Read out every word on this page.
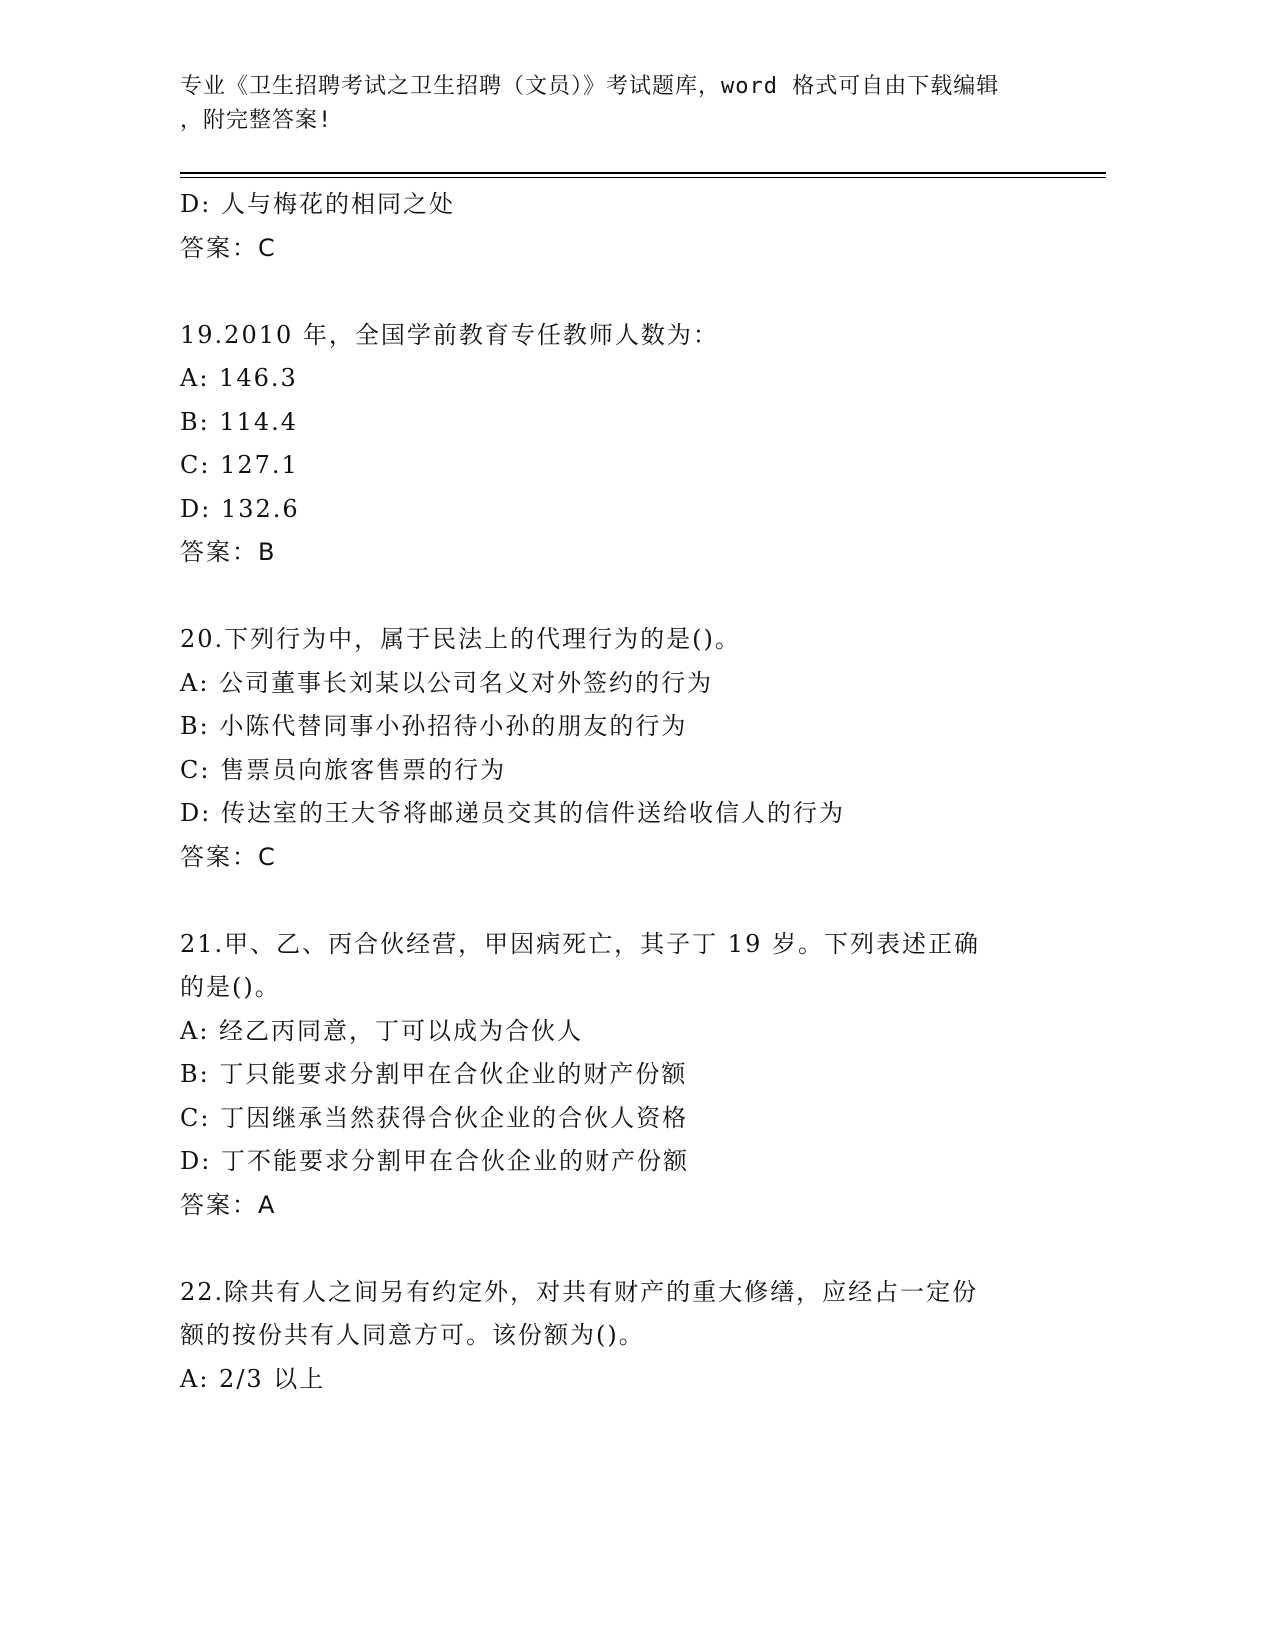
专业《卫生招聘考试之卫生招聘（文员）》考试题库，word 格式可自由下载编辑
，附完整答案!
D: 人与梅花的相同之处
答案：C
19.2010 年，全国学前教育专任教师人数为：
A: 146.3
B: 114.4
C: 127.1
D: 132.6
答案：B
20.下列行为中，属于民法上的代理行为的是()。
A: 公司董事长刘某以公司名义对外签约的行为
B: 小陈代替同事小孙招待小孙的朋友的行为
C: 售票员向旅客售票的行为
D: 传达室的王大爷将邮递员交其的信件送给收信人的行为
答案：C
21.甲、乙、丙合伙经营，甲因病死亡，其子丁 19 岁。下列表述正确
的是()。
A: 经乙丙同意，丁可以成为合伙人
B: 丁只能要求分割甲在合伙企业的财产份额
C: 丁因继承当然获得合伙企业的合伙人资格
D: 丁不能要求分割甲在合伙企业的财产份额
答案：A
22.除共有人之间另有约定外，对共有财产的重大修缮，应经占一定份
额的按份共有人同意方可。该份额为()。
A: 2/3 以上
